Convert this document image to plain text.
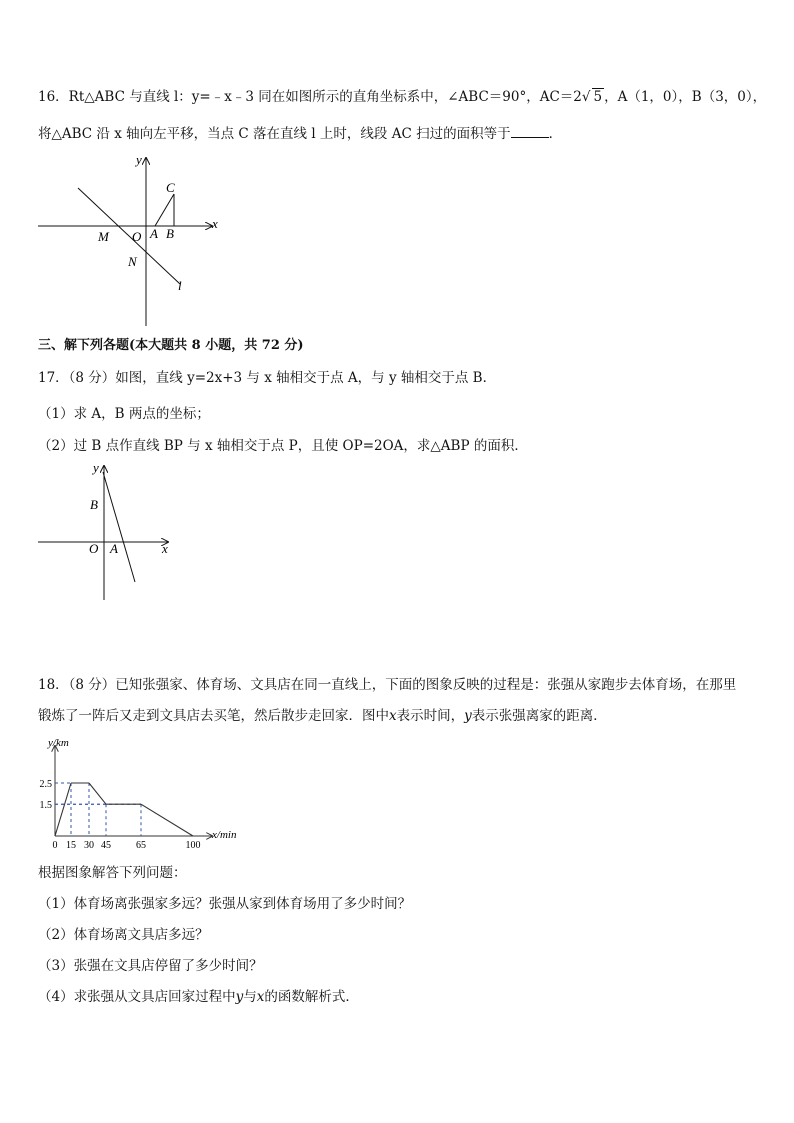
16．Rt△ABC 与直线 l：y=﹣x﹣3 同在如图所示的直角坐标系中，∠ABC＝90°，AC＝2√ 5 ，A（1，0），B（3，0），
将△ABC 沿 x 轴向左平移，当点 C 落在直线 l 上时，线段 AC 扫过的面积等于	．
y
x
C
M O A B
N
l
三、解下列各题(本大题共 8 小题，共 72 分)
17．（8 分）如图，直线 y=2x+3 与 x 轴相交于点 A，与 y 轴相交于点 B．
（1）求 A，B 两点的坐标；
（2）过 B 点作直线 BP 与 x 轴相交于点 P，且使 OP=2OA，求△ABP 的面积．
y
B
O A	x
18．（8 分）已知张强家、体育场、文具店在同一直线上，下面的图象反映的过程是：张强从家跑步去体育场，在那里
锻炼了一阵后又走到文具店去买笔，然后散步走回家．图中x表示时间，y表示张强离家的距离．
y/km
x/min
0 15 30 45	65	100
1.5
2.5
根据图象解答下列问题：
（1）体育场离张强家多远？张强从家到体育场用了多少时间？
（2）体育场离文具店多远？
（3）张强在文具店停留了多少时间？
（4）求张强从文具店回家过程中y与x的函数解析式．
